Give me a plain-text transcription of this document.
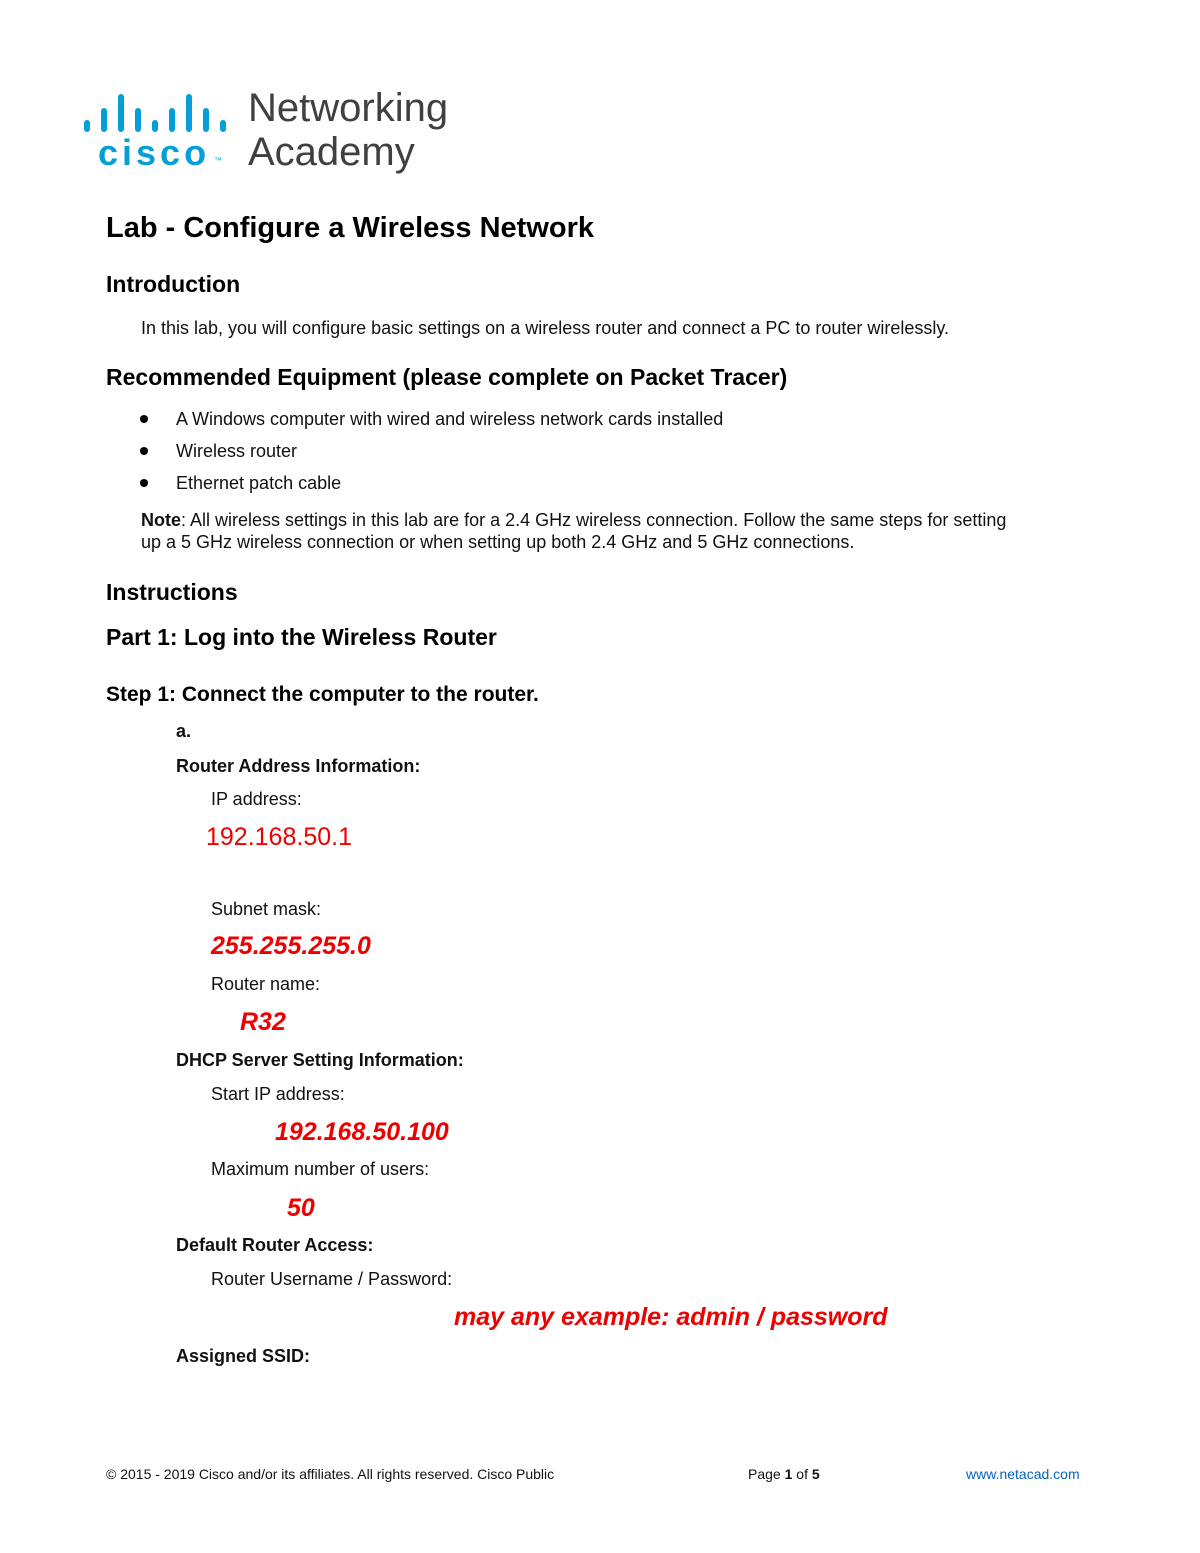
cisco ™
Networking
Academy
Lab - Configure a Wireless Network
Introduction
In this lab, you will configure basic settings on a wireless router and connect a PC to router wirelessly.
Recommended Equipment (please complete on Packet Tracer)
A Windows computer with wired and wireless network cards installed
Wireless router
Ethernet patch cable
Note: All wireless settings in this lab are for a 2.4 GHz wireless connection. Follow the same steps for setting
up a 5 GHz wireless connection or when setting up both 2.4 GHz and 5 GHz connections.
Instructions
Part 1: Log into the Wireless Router
Step 1: Connect the computer to the router.
a.
Router Address Information:
IP address:
192.168.50.1
Subnet mask:
255.255.255.0
Router name:
R32
DHCP Server Setting Information:
Start IP address:
192.168.50.100
Maximum number of users:
50
Default Router Access:
Router Username / Password:
may any example: admin / password
Assigned SSID:
© 2015 - 2019 Cisco and/or its affiliates. All rights reserved. Cisco Public	Page 1 of 5	www.netacad.com
